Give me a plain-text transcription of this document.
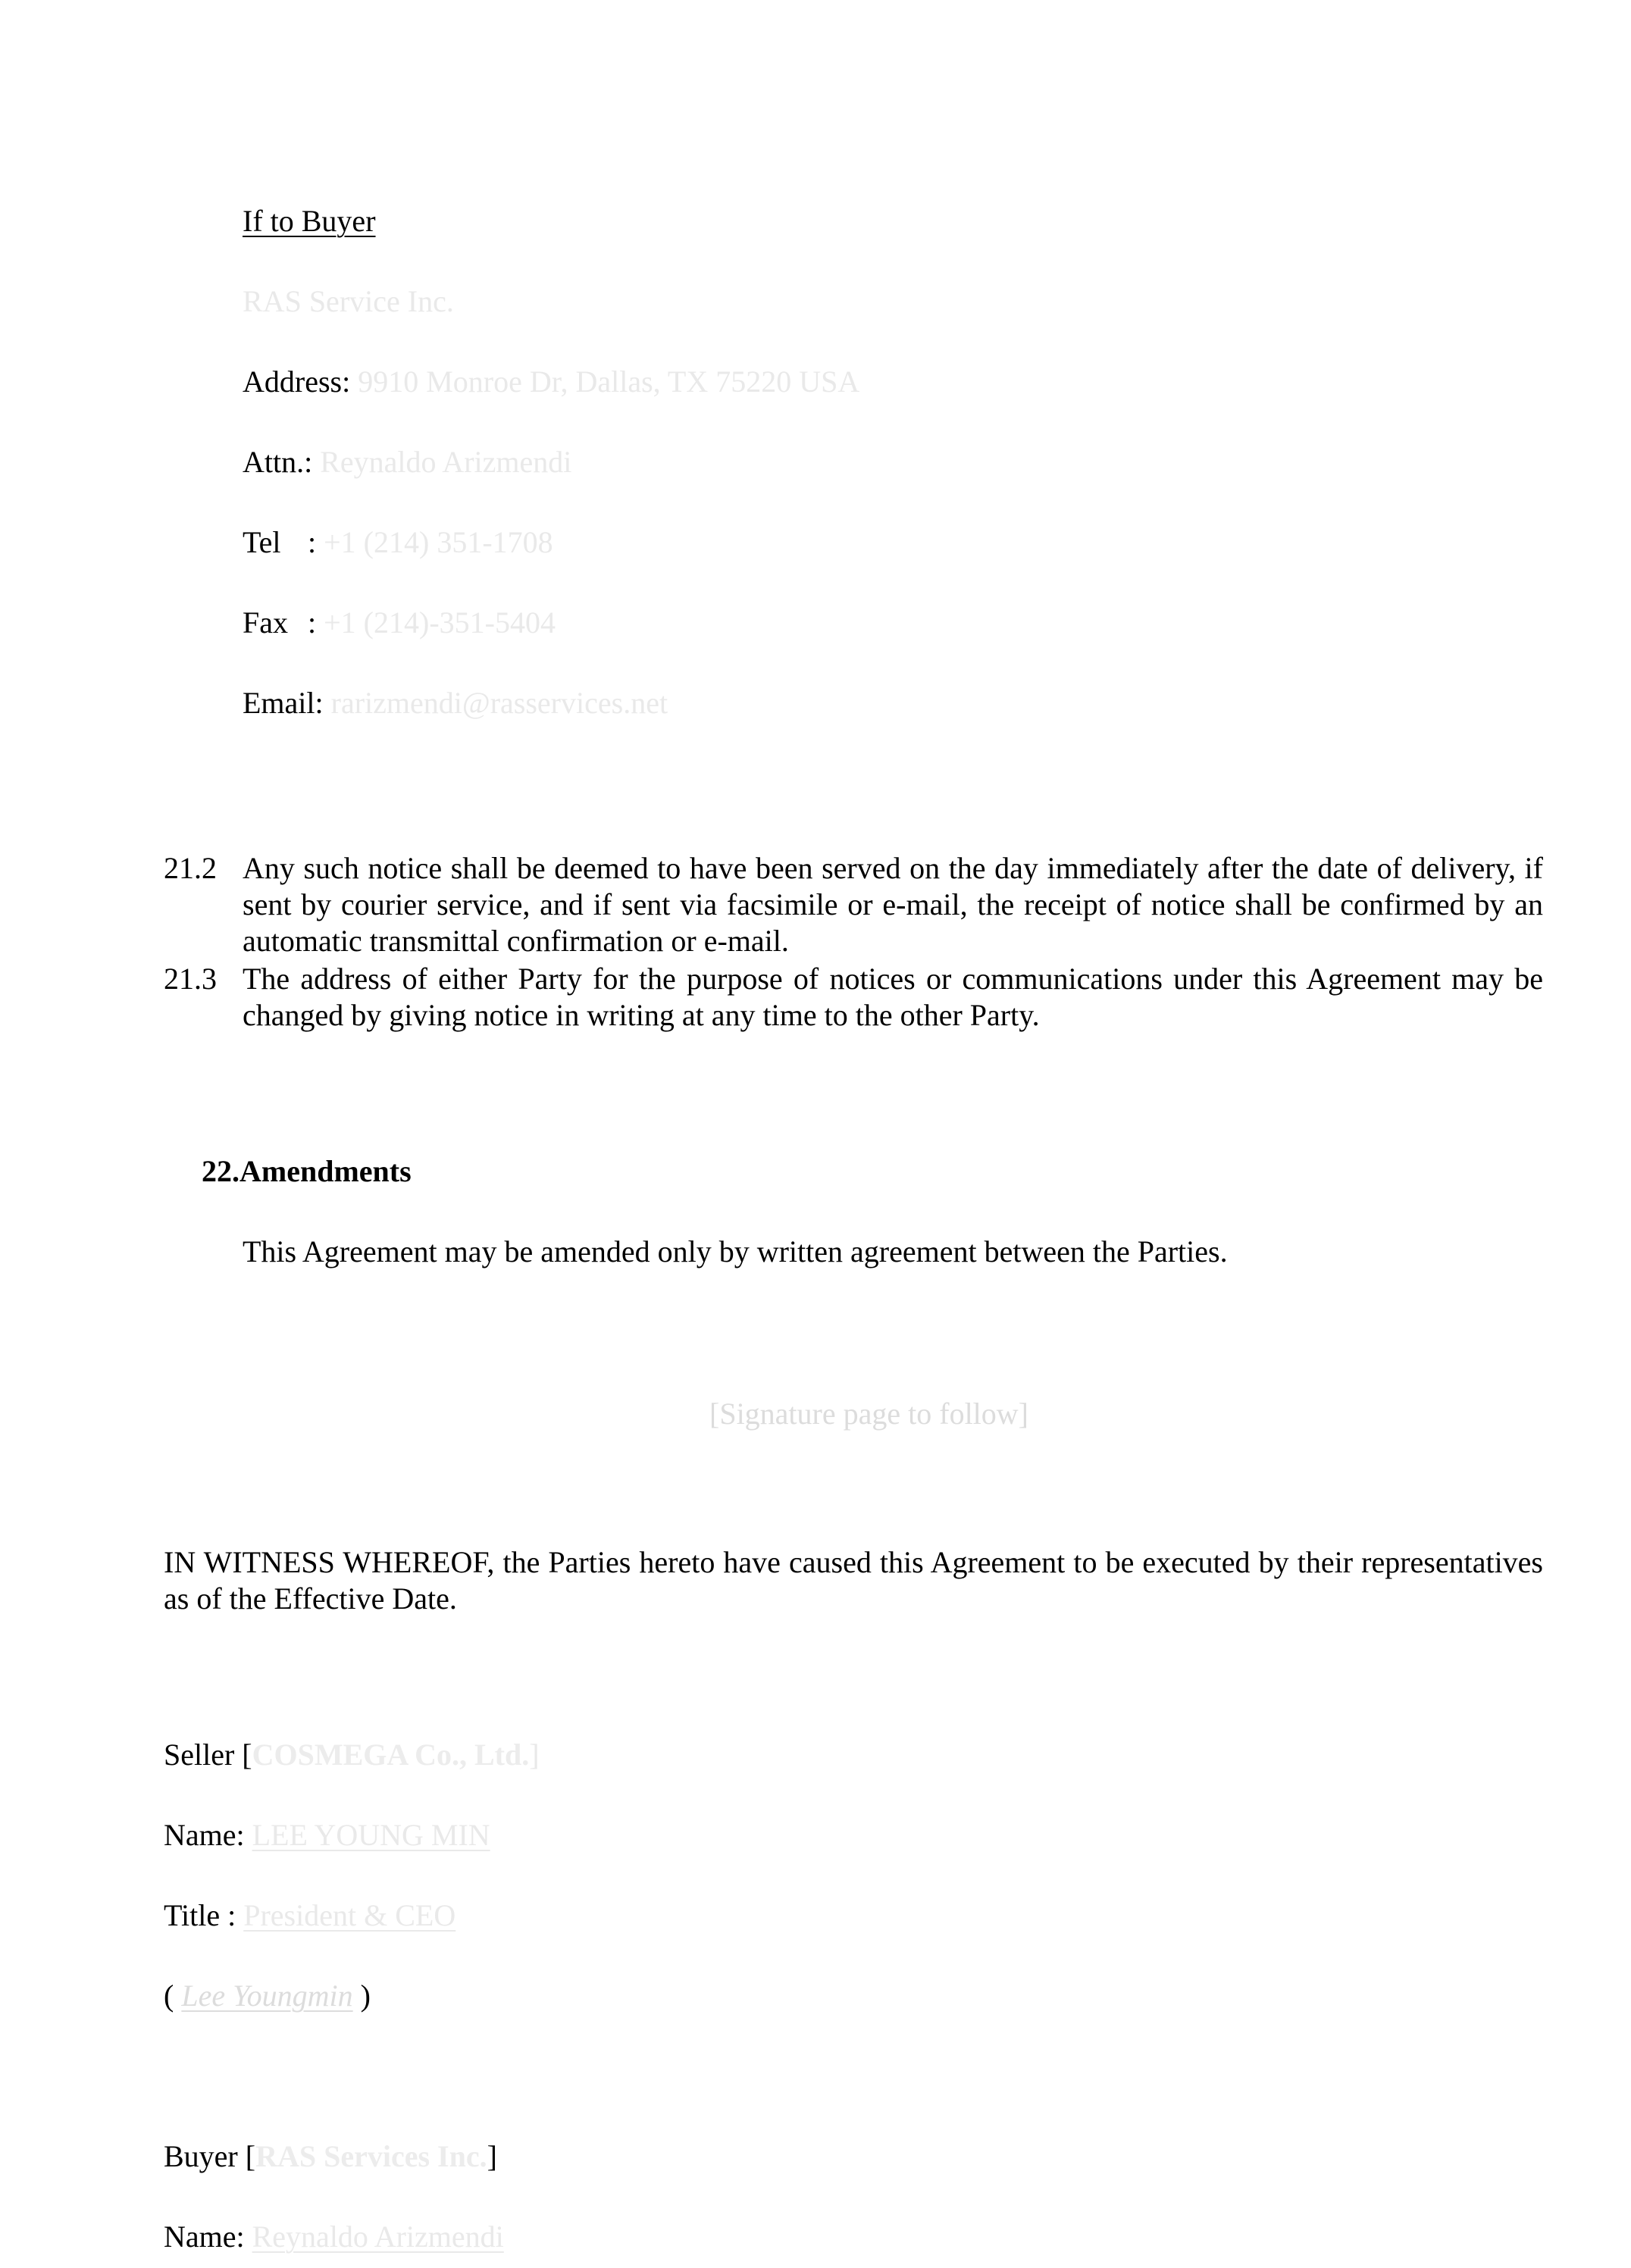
If to Buyer
RAS Service Inc.
Address: 9910 Monroe Dr, Dallas, TX 75220 USA
Attn.: Reynaldo Arizmendi
Tel : +1 (214) 351-1708
Fax : +1 (214)-351-5404
Email: rarizmendi@rasservices.net
21.2 Any such notice shall be deemed to have been served on the day immediately after the date of delivery, if sent by courier service, and if sent via facsimile or e-mail, the receipt of notice shall be confirmed by an automatic transmittal confirmation or e-mail.
21.3 The address of either Party for the purpose of notices or communications under this Agreement may be changed by giving notice in writing at any time to the other Party.
22.Amendments
This Agreement may be amended only by written agreement between the Parties.
[Signature page to follow]
IN WITNESS WHEREOF, the Parties hereto have caused this Agreement to be executed by their representatives as of the Effective Date.
Seller [COSMEGA Co., Ltd.]
Name: LEE YOUNG MIN
Title : President & CEO
( Lee Youngmin )
Buyer [RAS Services Inc.]
Name: Reynaldo Arizmendi
